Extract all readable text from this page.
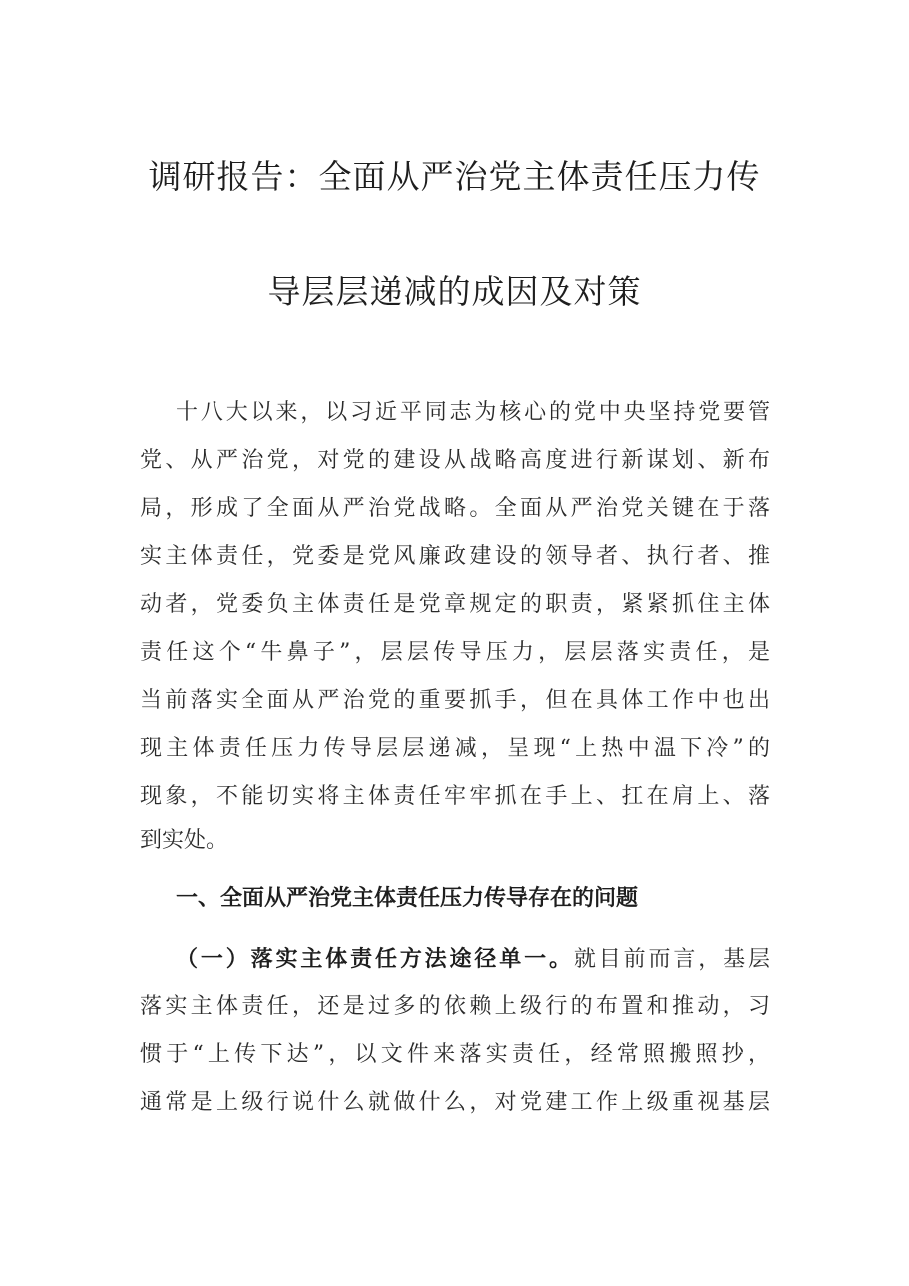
调研报告：全面从严治党主体责任压力传
导层层递减的成因及对策
十八大以来，以习近平同志为核心的党中央坚持党要管
党、从严治党，对党的建设从战略高度进行新谋划、新布
局，形成了全面从严治党战略。全面从严治党关键在于落
实主体责任，党委是党风廉政建设的领导者、执行者、推
动者，党委负主体责任是党章规定的职责，紧紧抓住主体
责任这个“牛鼻子”，层层传导压力，层层落实责任，是
当前落实全面从严治党的重要抓手，但在具体工作中也出
现主体责任压力传导层层递减，呈现“上热中温下冷”的
现象，不能切实将主体责任牢牢抓在手上、扛在肩上、落
到实处。
一、全面从严治党主体责任压力传导存在的问题
（一）落实主体责任方法途径单一。就目前而言，基层
落实主体责任，还是过多的依赖上级行的布置和推动，习
惯于“上传下达”，以文件来落实责任，经常照搬照抄，
通常是上级行说什么就做什么，对党建工作上级重视基层
